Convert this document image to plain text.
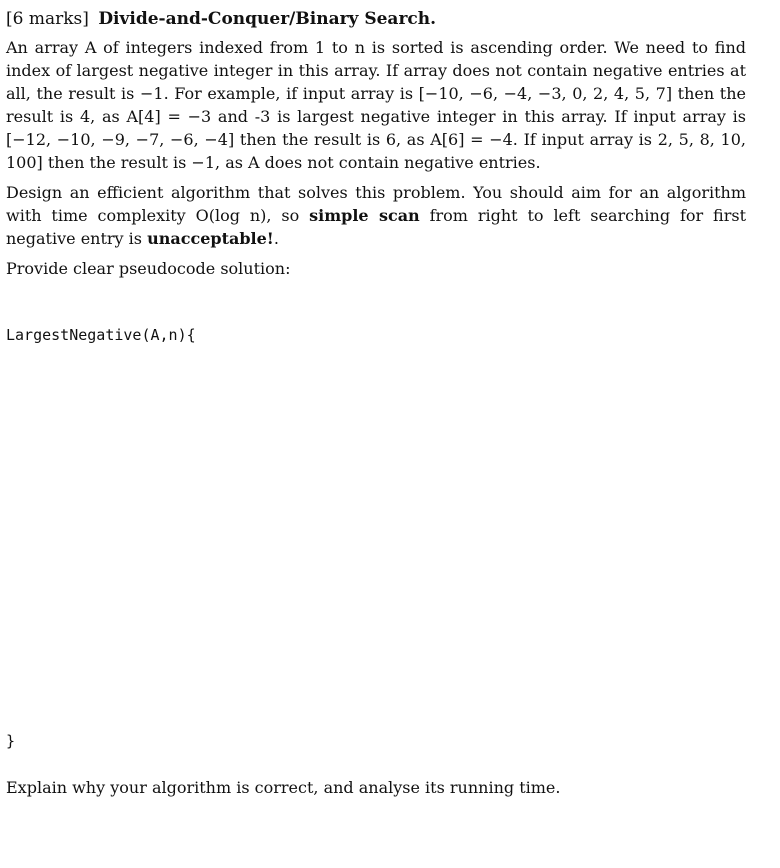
[6 marks] Divide-and-Conquer/Binary Search.

An array A of integers indexed from 1 to n is sorted is ascending order. We need to find index of largest negative integer in this array. If array does not contain negative entries at all, the result is −1. For example, if input array is [−10, −6, −4, −3, 0, 2, 4, 5, 7] then the result is 4, as A[4] = −3 and -3 is largest negative integer in this array. If input array is [−12, −10, −9, −7, −6, −4] then the result is 6, as A[6] = −4. If input array is 2, 5, 8, 10, 100] then the result is −1, as A does not contain negative entries.

Design an efficient algorithm that solves this problem. You should aim for an algorithm with time complexity O(log n), so simple scan from right to left searching for first negative entry is unacceptable!.

Provide clear pseudocode solution:

LargestNegative(A,n){
}

Explain why your algorithm is correct, and analyse its running time.
